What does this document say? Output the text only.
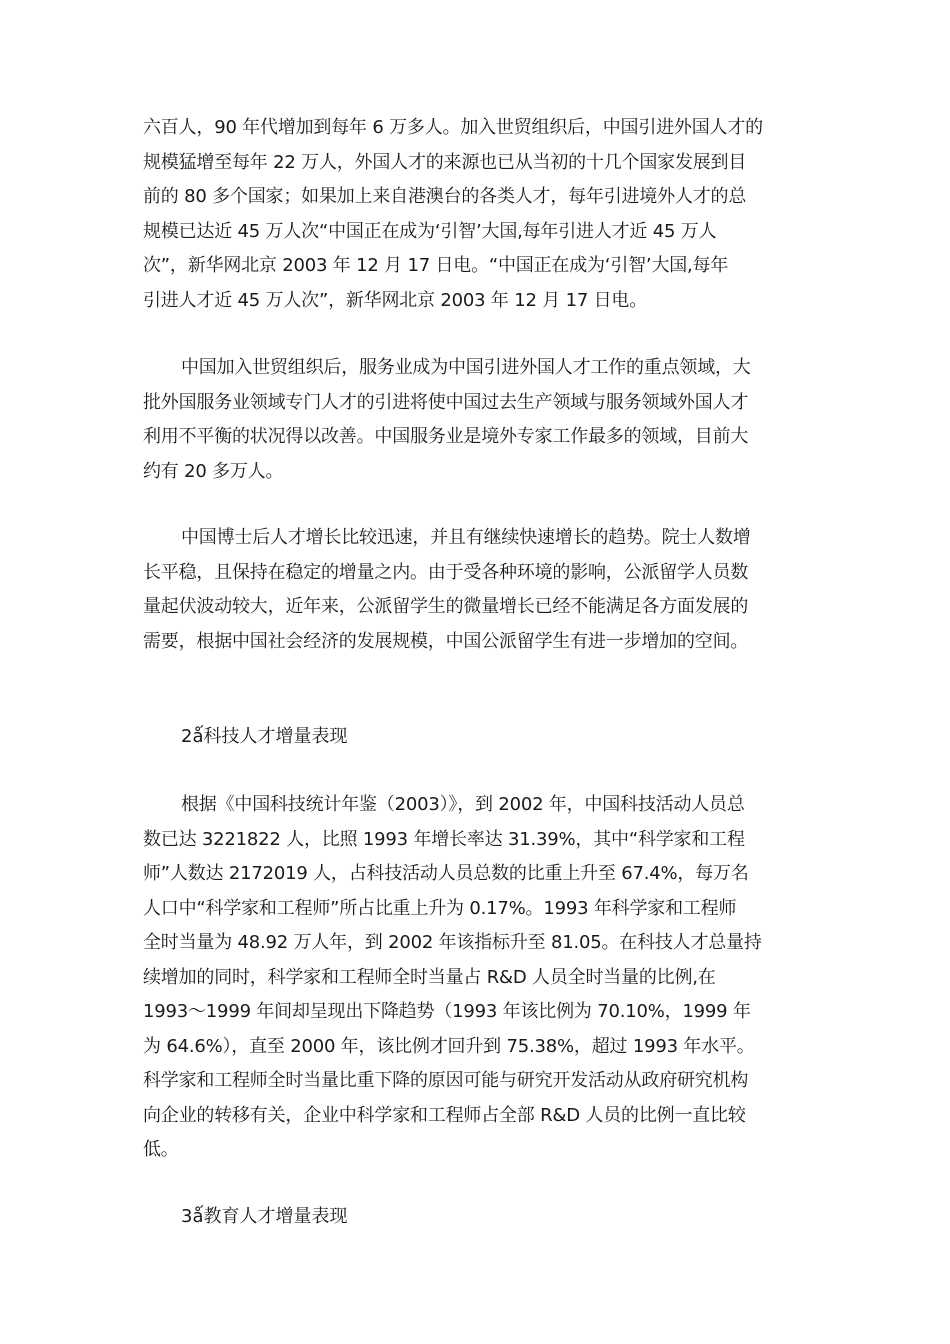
六百人，90 年代增加到每年 6 万多人。加入世贸组织后，中国引进外国人才的
规模猛增至每年 22 万人，外国人才的来源也已从当初的十几个国家发展到目
前的 80 多个国家；如果加上来自港澳台的各类人才，每年引进境外人才的总
规模已达近 45 万人次“中国正在成为‘引智’大国,每年引进人才近 45 万人
次”，新华网北京 2003 年 12 月 17 日电。“中国正在成为‘引智’大国,每年
引进人才近 45 万人次”，新华网北京 2003 年 12 月 17 日电。

中国加入世贸组织后，服务业成为中国引进外国人才工作的重点领域，大
批外国服务业领域专门人才的引进将使中国过去生产领域与服务领域外国人才
利用不平衡的状况得以改善。中国服务业是境外专家工作最多的领域，目前大
约有 20 多万人。

中国博士后人才增长比较迅速，并且有继续快速增长的趋势。院士人数增
长平稳，且保持在稳定的增量之内。由于受各种环境的影响，公派留学人员数
量起伏波动较大，近年来，公派留学生的微量增长已经不能满足各方面发展的
需要，根据中国社会经济的发展规模，中国公派留学生有进一步增加的空间。

2ǻ科技人才增量表现

根据《中国科技统计年鉴（2003）》，到 2002 年，中国科技活动人员总
数已达 3221822 人，比照 1993 年增长率达 31.39%，其中“科学家和工程
师”人数达 2172019 人，占科技活动人员总数的比重上升至 67.4%，每万名
人口中“科学家和工程师”所占比重上升为 0.17%。1993 年科学家和工程师
全时当量为 48.92 万人年，到 2002 年该指标升至 81.05。在科技人才总量持
续增加的同时，科学家和工程师全时当量占 R&D 人员全时当量的比例,在
1993～1999 年间却呈现出下降趋势（1993 年该比例为 70.10%，1999 年
为 64.6%），直至 2000 年，该比例才回升到 75.38%，超过 1993 年水平。
科学家和工程师全时当量比重下降的原因可能与研究开发活动从政府研究机构
向企业的转移有关，企业中科学家和工程师占全部 R&D 人员的比例一直比较
低。

3ǻ教育人才增量表现
